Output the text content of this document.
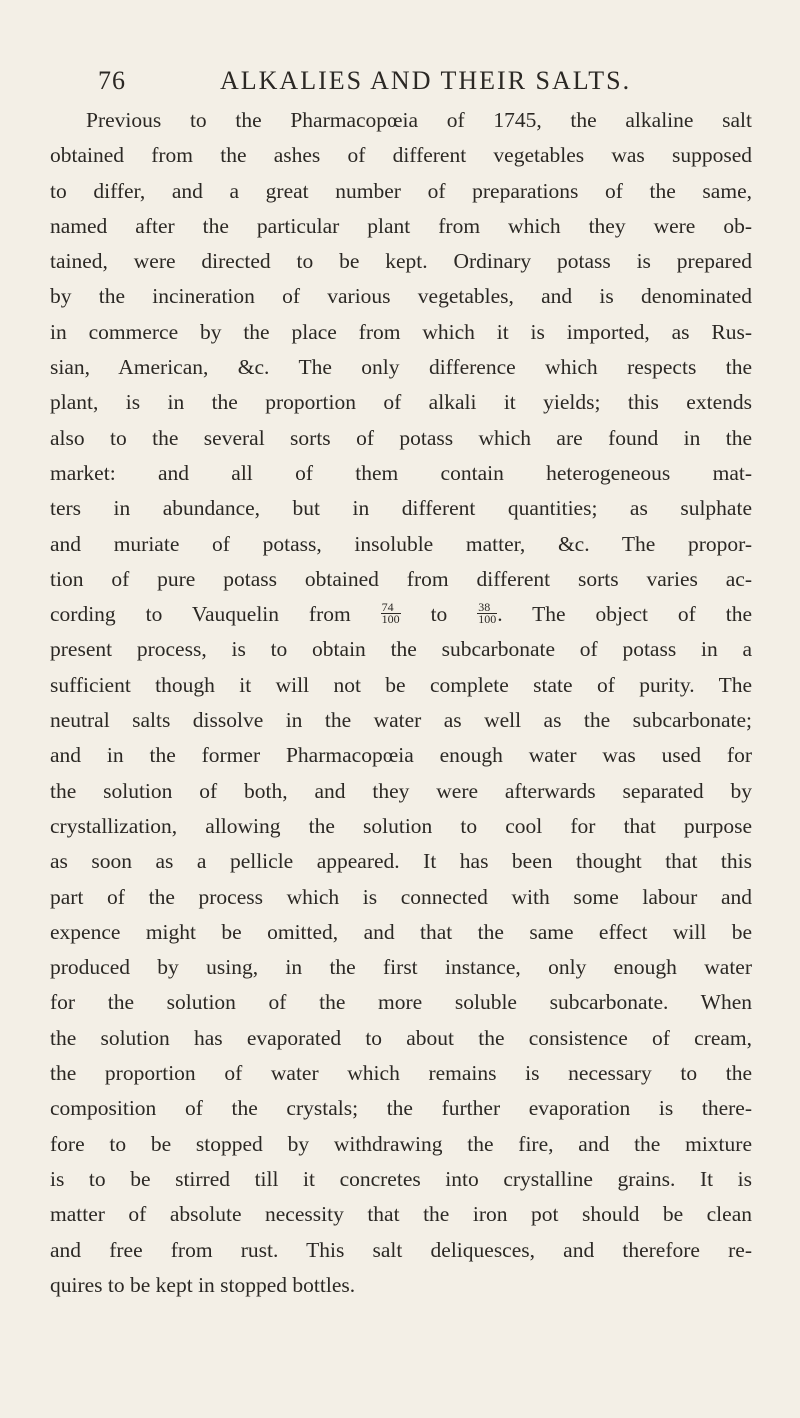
76	ALKALIES AND THEIR SALTS.
Previous to the Pharmacopœia of 1745, the alkaline salt
obtained from the ashes of different vegetables was supposed
to differ, and a great number of preparations of the same,
named after the particular plant from which they were ob-
tained, were directed to be kept. Ordinary potass is prepared
by the incineration of various vegetables, and is denominated
in commerce by the place from which it is imported, as Rus-
sian, American, &c. The only difference which respects the
plant, is in the proportion of alkali it yields; this extends
also to the several sorts of potass which are found in the
market: and all of them contain heterogeneous mat-
ters in abundance, but in different quantities; as sulphate
and muriate of potass, insoluble matter, &c. The propor-
tion of pure potass obtained from different sorts varies ac-
cording to Vauquelin from $\frac{74}{100}$ to $\frac{38}{100}$ . The object of the
present process, is to obtain the subcarbonate of potass in a
sufficient though it will not be complete state of purity. The
neutral salts dissolve in the water as well as the subcarbonate;
and in the former Pharmacopœia enough water was used for
the solution of both, and they were afterwards separated by
crystallization, allowing the solution to cool for that purpose
as soon as a pellicle appeared. It has been thought that this
part of the process which is connected with some labour and
expence might be omitted, and that the same effect will be
produced by using, in the first instance, only enough water
for the solution of the more soluble subcarbonate. When
the solution has evaporated to about the consistence of cream,
the proportion of water which remains is necessary to the
composition of the crystals; the further evaporation is there-
fore to be stopped by withdrawing the fire, and the mixture
is to be stirred till it concretes into crystalline grains. It is
matter of absolute necessity that the iron pot should be clean
and free from rust. This salt deliquesces, and therefore re-
quires to be kept in stopped bottles.
